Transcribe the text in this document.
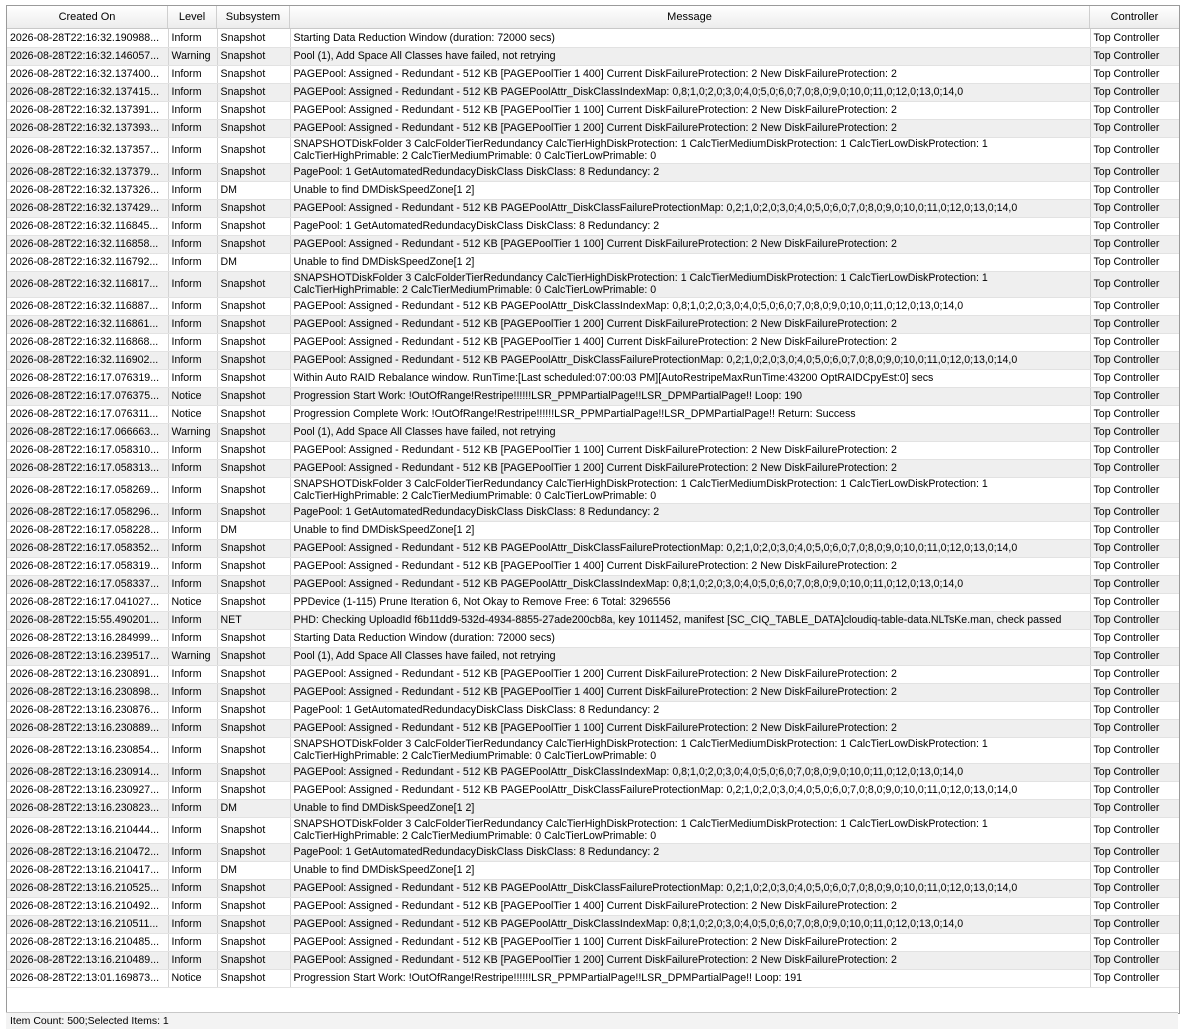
Created On	Level	Subsystem	Message	Controller
2026-08-28T22:16:32.190988...	Inform	Snapshot	Starting Data Reduction Window (duration: 72000 secs)	Top Controller
2026-08-28T22:16:32.146057...	Warning	Snapshot	Pool (1), Add Space All Classes have failed, not retrying	Top Controller
2026-08-28T22:16:32.137400...	Inform	Snapshot	PAGEPool: Assigned - Redundant - 512 KB [PAGEPoolTier 1 400] Current DiskFailureProtection: 2 New DiskFailureProtection: 2	Top Controller
2026-08-28T22:16:32.137415...	Inform	Snapshot	PAGEPool: Assigned - Redundant - 512 KB PAGEPoolAttr_DiskClassIndexMap: 0,8;1,0;2,0;3,0;4,0;5,0;6,0;7,0;8,0;9,0;10,0;11,0;12,0;13,0;14,0	Top Controller
2026-08-28T22:16:32.137391...	Inform	Snapshot	PAGEPool: Assigned - Redundant - 512 KB [PAGEPoolTier 1 100] Current DiskFailureProtection: 2 New DiskFailureProtection: 2	Top Controller
2026-08-28T22:16:32.137393...	Inform	Snapshot	PAGEPool: Assigned - Redundant - 512 KB [PAGEPoolTier 1 200] Current DiskFailureProtection: 2 New DiskFailureProtection: 2	Top Controller
2026-08-28T22:16:32.137357...	Inform	Snapshot	SNAPSHOTDiskFolder 3 CalcFolderTierRedundancy CalcTierHighDiskProtection: 1 CalcTierMediumDiskProtection: 1 CalcTierLowDiskProtection: 1 CalcTierHighPrimable: 2 CalcTierMediumPrimable: 0 CalcTierLowPrimable: 0	Top Controller
2026-08-28T22:16:32.137379...	Inform	Snapshot	PagePool: 1 GetAutomatedRedundacyDiskClass DiskClass: 8 Redundancy: 2	Top Controller
2026-08-28T22:16:32.137326...	Inform	DM	Unable to find DMDiskSpeedZone[1 2]	Top Controller
2026-08-28T22:16:32.137429...	Inform	Snapshot	PAGEPool: Assigned - Redundant - 512 KB PAGEPoolAttr_DiskClassFailureProtectionMap: 0,2;1,0;2,0;3,0;4,0;5,0;6,0;7,0;8,0;9,0;10,0;11,0;12,0;13,0;14,0	Top Controller
2026-08-28T22:16:32.116845...	Inform	Snapshot	PagePool: 1 GetAutomatedRedundacyDiskClass DiskClass: 8 Redundancy: 2	Top Controller
2026-08-28T22:16:32.116858...	Inform	Snapshot	PAGEPool: Assigned - Redundant - 512 KB [PAGEPoolTier 1 100] Current DiskFailureProtection: 2 New DiskFailureProtection: 2	Top Controller
2026-08-28T22:16:32.116792...	Inform	DM	Unable to find DMDiskSpeedZone[1 2]	Top Controller
2026-08-28T22:16:32.116817...	Inform	Snapshot	SNAPSHOTDiskFolder 3 CalcFolderTierRedundancy CalcTierHighDiskProtection: 1 CalcTierMediumDiskProtection: 1 CalcTierLowDiskProtection: 1 CalcTierHighPrimable: 2 CalcTierMediumPrimable: 0 CalcTierLowPrimable: 0	Top Controller
2026-08-28T22:16:32.116887...	Inform	Snapshot	PAGEPool: Assigned - Redundant - 512 KB PAGEPoolAttr_DiskClassIndexMap: 0,8;1,0;2,0;3,0;4,0;5,0;6,0;7,0;8,0;9,0;10,0;11,0;12,0;13,0;14,0	Top Controller
2026-08-28T22:16:32.116861...	Inform	Snapshot	PAGEPool: Assigned - Redundant - 512 KB [PAGEPoolTier 1 200] Current DiskFailureProtection: 2 New DiskFailureProtection: 2	Top Controller
2026-08-28T22:16:32.116868...	Inform	Snapshot	PAGEPool: Assigned - Redundant - 512 KB [PAGEPoolTier 1 400] Current DiskFailureProtection: 2 New DiskFailureProtection: 2	Top Controller
2026-08-28T22:16:32.116902...	Inform	Snapshot	PAGEPool: Assigned - Redundant - 512 KB PAGEPoolAttr_DiskClassFailureProtectionMap: 0,2;1,0;2,0;3,0;4,0;5,0;6,0;7,0;8,0;9,0;10,0;11,0;12,0;13,0;14,0	Top Controller
2026-08-28T22:16:17.076319...	Inform	Snapshot	Within Auto RAID Rebalance window. RunTime:[Last scheduled:07:00:03 PM][AutoRestripeMaxRunTime:43200 OptRAIDCpyEst:0] secs	Top Controller
2026-08-28T22:16:17.076375...	Notice	Snapshot	Progression Start Work: !OutOfRange!Restripe!!!!!!LSR_PPMPartialPage!!LSR_DPMPartialPage!! Loop: 190	Top Controller
2026-08-28T22:16:17.076311...	Notice	Snapshot	Progression Complete Work: !OutOfRange!Restripe!!!!!!LSR_PPMPartialPage!!LSR_DPMPartialPage!! Return: Success	Top Controller
2026-08-28T22:16:17.066663...	Warning	Snapshot	Pool (1), Add Space All Classes have failed, not retrying	Top Controller
2026-08-28T22:16:17.058310...	Inform	Snapshot	PAGEPool: Assigned - Redundant - 512 KB [PAGEPoolTier 1 100] Current DiskFailureProtection: 2 New DiskFailureProtection: 2	Top Controller
2026-08-28T22:16:17.058313...	Inform	Snapshot	PAGEPool: Assigned - Redundant - 512 KB [PAGEPoolTier 1 200] Current DiskFailureProtection: 2 New DiskFailureProtection: 2	Top Controller
2026-08-28T22:16:17.058269...	Inform	Snapshot	SNAPSHOTDiskFolder 3 CalcFolderTierRedundancy CalcTierHighDiskProtection: 1 CalcTierMediumDiskProtection: 1 CalcTierLowDiskProtection: 1 CalcTierHighPrimable: 2 CalcTierMediumPrimable: 0 CalcTierLowPrimable: 0	Top Controller
2026-08-28T22:16:17.058296...	Inform	Snapshot	PagePool: 1 GetAutomatedRedundacyDiskClass DiskClass: 8 Redundancy: 2	Top Controller
2026-08-28T22:16:17.058228...	Inform	DM	Unable to find DMDiskSpeedZone[1 2]	Top Controller
2026-08-28T22:16:17.058352...	Inform	Snapshot	PAGEPool: Assigned - Redundant - 512 KB PAGEPoolAttr_DiskClassFailureProtectionMap: 0,2;1,0;2,0;3,0;4,0;5,0;6,0;7,0;8,0;9,0;10,0;11,0;12,0;13,0;14,0	Top Controller
2026-08-28T22:16:17.058319...	Inform	Snapshot	PAGEPool: Assigned - Redundant - 512 KB [PAGEPoolTier 1 400] Current DiskFailureProtection: 2 New DiskFailureProtection: 2	Top Controller
2026-08-28T22:16:17.058337...	Inform	Snapshot	PAGEPool: Assigned - Redundant - 512 KB PAGEPoolAttr_DiskClassIndexMap: 0,8;1,0;2,0;3,0;4,0;5,0;6,0;7,0;8,0;9,0;10,0;11,0;12,0;13,0;14,0	Top Controller
2026-08-28T22:16:17.041027...	Notice	Snapshot	PPDevice (1-115) Prune Iteration 6, Not Okay to Remove Free: 6 Total: 3296556	Top Controller
2026-08-28T22:15:55.490201...	Inform	NET	PHD: Checking UploadId f6b11dd9-532d-4934-8855-27ade200cb8a, key 1011452, manifest [SC_CIQ_TABLE_DATA]cloudiq-table-data.NLTsKe.man, check passed	Top Controller
2026-08-28T22:13:16.284999...	Inform	Snapshot	Starting Data Reduction Window (duration: 72000 secs)	Top Controller
2026-08-28T22:13:16.239517...	Warning	Snapshot	Pool (1), Add Space All Classes have failed, not retrying	Top Controller
2026-08-28T22:13:16.230891...	Inform	Snapshot	PAGEPool: Assigned - Redundant - 512 KB [PAGEPoolTier 1 200] Current DiskFailureProtection: 2 New DiskFailureProtection: 2	Top Controller
2026-08-28T22:13:16.230898...	Inform	Snapshot	PAGEPool: Assigned - Redundant - 512 KB [PAGEPoolTier 1 400] Current DiskFailureProtection: 2 New DiskFailureProtection: 2	Top Controller
2026-08-28T22:13:16.230876...	Inform	Snapshot	PagePool: 1 GetAutomatedRedundacyDiskClass DiskClass: 8 Redundancy: 2	Top Controller
2026-08-28T22:13:16.230889...	Inform	Snapshot	PAGEPool: Assigned - Redundant - 512 KB [PAGEPoolTier 1 100] Current DiskFailureProtection: 2 New DiskFailureProtection: 2	Top Controller
2026-08-28T22:13:16.230854...	Inform	Snapshot	SNAPSHOTDiskFolder 3 CalcFolderTierRedundancy CalcTierHighDiskProtection: 1 CalcTierMediumDiskProtection: 1 CalcTierLowDiskProtection: 1 CalcTierHighPrimable: 2 CalcTierMediumPrimable: 0 CalcTierLowPrimable: 0	Top Controller
2026-08-28T22:13:16.230914...	Inform	Snapshot	PAGEPool: Assigned - Redundant - 512 KB PAGEPoolAttr_DiskClassIndexMap: 0,8;1,0;2,0;3,0;4,0;5,0;6,0;7,0;8,0;9,0;10,0;11,0;12,0;13,0;14,0	Top Controller
2026-08-28T22:13:16.230927...	Inform	Snapshot	PAGEPool: Assigned - Redundant - 512 KB PAGEPoolAttr_DiskClassFailureProtectionMap: 0,2;1,0;2,0;3,0;4,0;5,0;6,0;7,0;8,0;9,0;10,0;11,0;12,0;13,0;14,0	Top Controller
2026-08-28T22:13:16.230823...	Inform	DM	Unable to find DMDiskSpeedZone[1 2]	Top Controller
2026-08-28T22:13:16.210444...	Inform	Snapshot	SNAPSHOTDiskFolder 3 CalcFolderTierRedundancy CalcTierHighDiskProtection: 1 CalcTierMediumDiskProtection: 1 CalcTierLowDiskProtection: 1 CalcTierHighPrimable: 2 CalcTierMediumPrimable: 0 CalcTierLowPrimable: 0	Top Controller
2026-08-28T22:13:16.210472...	Inform	Snapshot	PagePool: 1 GetAutomatedRedundacyDiskClass DiskClass: 8 Redundancy: 2	Top Controller
2026-08-28T22:13:16.210417...	Inform	DM	Unable to find DMDiskSpeedZone[1 2]	Top Controller
2026-08-28T22:13:16.210525...	Inform	Snapshot	PAGEPool: Assigned - Redundant - 512 KB PAGEPoolAttr_DiskClassFailureProtectionMap: 0,2;1,0;2,0;3,0;4,0;5,0;6,0;7,0;8,0;9,0;10,0;11,0;12,0;13,0;14,0	Top Controller
2026-08-28T22:13:16.210492...	Inform	Snapshot	PAGEPool: Assigned - Redundant - 512 KB [PAGEPoolTier 1 400] Current DiskFailureProtection: 2 New DiskFailureProtection: 2	Top Controller
2026-08-28T22:13:16.210511...	Inform	Snapshot	PAGEPool: Assigned - Redundant - 512 KB PAGEPoolAttr_DiskClassIndexMap: 0,8;1,0;2,0;3,0;4,0;5,0;6,0;7,0;8,0;9,0;10,0;11,0;12,0;13,0;14,0	Top Controller
2026-08-28T22:13:16.210485...	Inform	Snapshot	PAGEPool: Assigned - Redundant - 512 KB [PAGEPoolTier 1 100] Current DiskFailureProtection: 2 New DiskFailureProtection: 2	Top Controller
2026-08-28T22:13:16.210489...	Inform	Snapshot	PAGEPool: Assigned - Redundant - 512 KB [PAGEPoolTier 1 200] Current DiskFailureProtection: 2 New DiskFailureProtection: 2	Top Controller
2026-08-28T22:13:01.169873...	Notice	Snapshot	Progression Start Work: !OutOfRange!Restripe!!!!!!LSR_PPMPartialPage!!LSR_DPMPartialPage!! Loop: 191	Top Controller
Item Count: 500;Selected Items: 1
